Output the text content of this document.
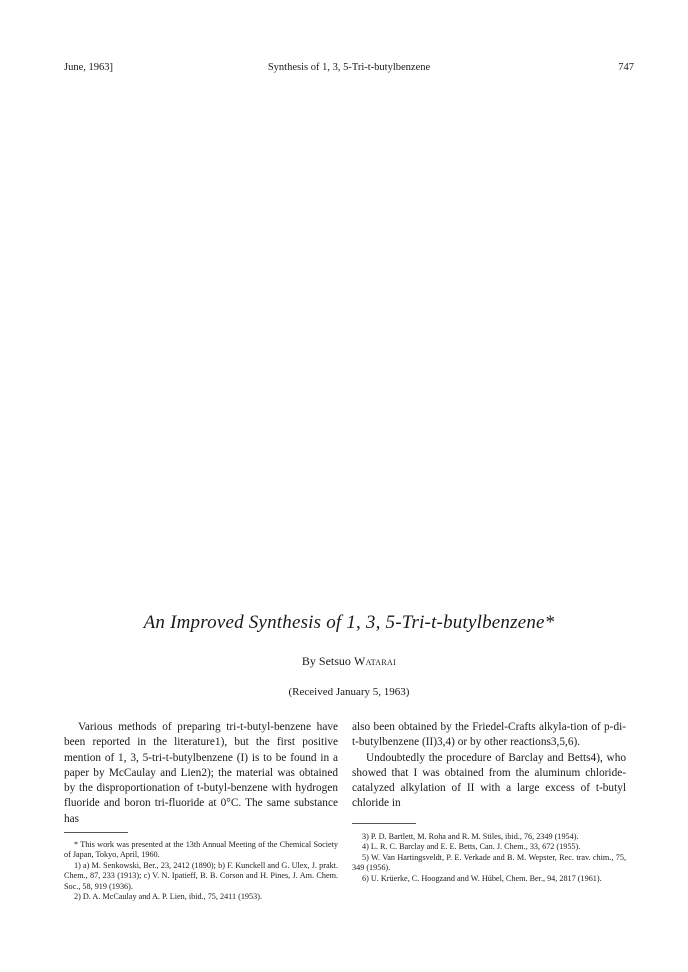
June, 1963]	Synthesis of 1, 3, 5-Tri-t-butylbenzene	747
An Improved Synthesis of 1, 3, 5-Tri-t-butylbenzene*
By Setsuo Watarai
(Received January 5, 1963)

Various methods of preparing tri-t-butyl-benzene have been reported in the literature1), but the first positive mention of 1, 3, 5-tri-t-butylbenzene (I) is to be found in a paper by McCaulay and Lien2); the material was obtained by the disproportionation of t-butyl-benzene with hydrogen fluoride and boron tri-fluoride at 0°C. The same substance has

also been obtained by the Friedel-Crafts alkyla-tion of p-di-t-butylbenzene (II)3,4) or by other reactions3,5,6).

Undoubtedly the procedure of Barclay and Betts4), who showed that I was obtained from the aluminum chloride-catalyzed alkylation of II with a large excess of t-butyl chloride in

* This work was presented at the 13th Annual Meeting of the Chemical Society of Japan, Tokyo, April, 1960.

1) a) M. Senkowski, Ber., 23, 2412 (1890); b) F. Kunckell and G. Ulex, J. prakt. Chem., 87, 233 (1913); c) V. N. Ipatieff, B. B. Corson and H. Pines, J. Am. Chem. Soc., 58, 919 (1936).

2) D. A. McCaulay and A. P. Lien, ibid., 75, 2411 (1953).

3) P. D. Bartlett, M. Roha and R. M. Stiles, ibid., 76, 2349 (1954).

4) L. R. C. Barclay and E. E. Betts, Can. J. Chem., 33, 672 (1955).

5) W. Van Hartingsveldt, P. E. Verkade and B. M. Wepster, Rec. trav. chim., 75, 349 (1956).

6) U. Krüerke, C. Hoogzand and W. Hübel, Chem. Ber., 94, 2817 (1961).
